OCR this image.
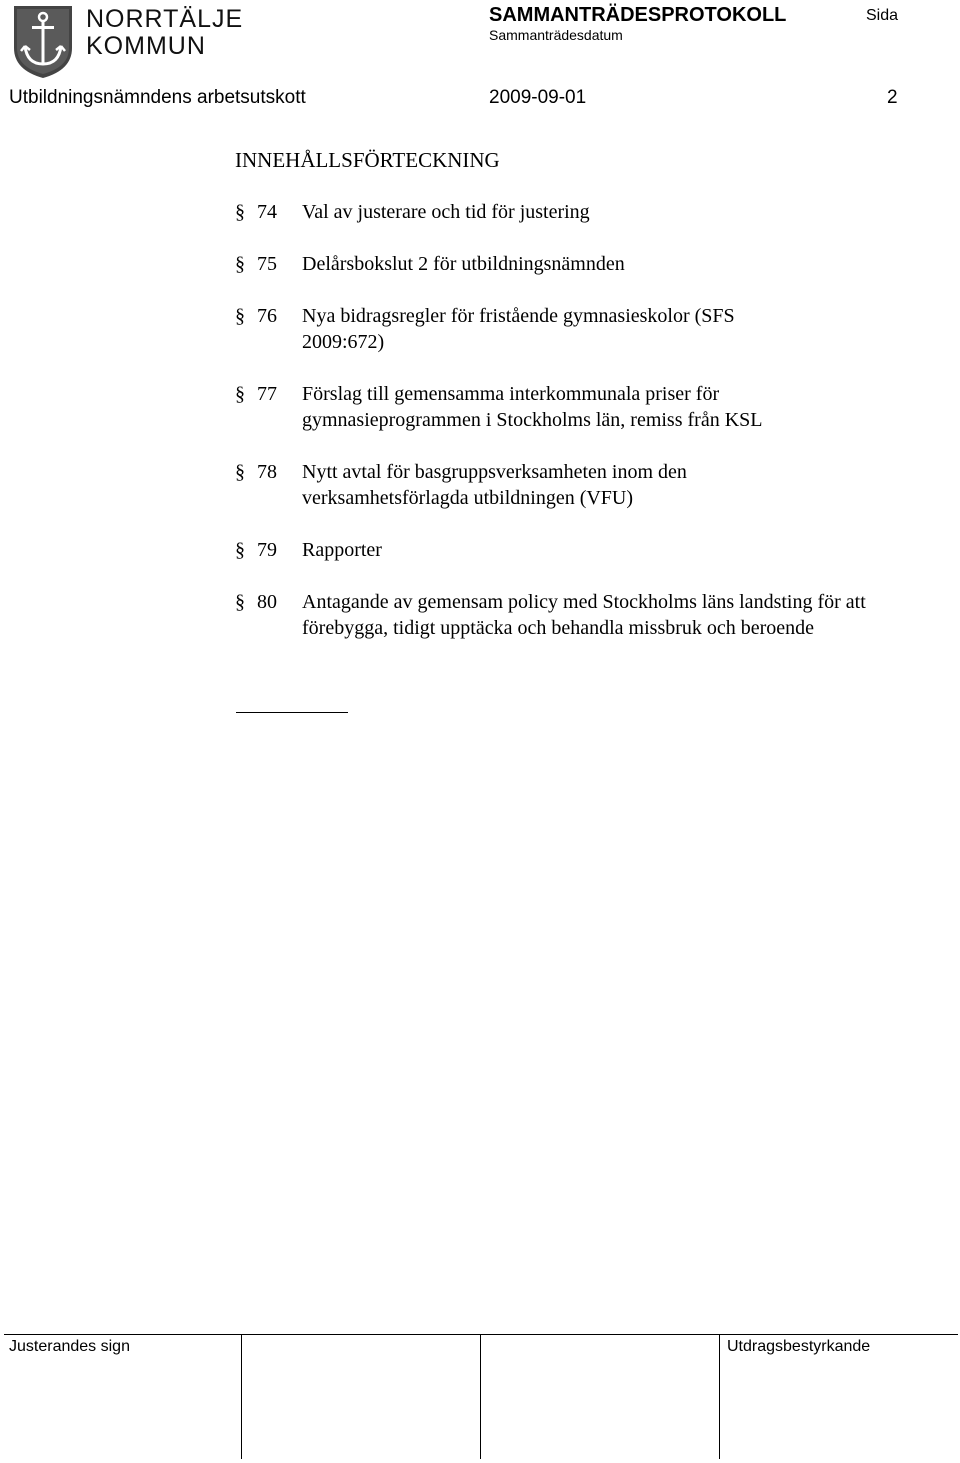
NORRTÄLJE
KOMMUN
SAMMANTRÄDESPROTOKOLL
Sammanträdesdatum
Sida
Utbildningsnämndens arbetsutskott	2009-09-01	2
INNEHÅLLSFÖRTECKNING
§ 74	Val av justerare och tid för justering
§ 75	Delårsbokslut 2 för utbildningsnämnden
§ 76	Nya bidragsregler för fristående gymnasieskolor (SFS 2009:672)
§ 77	Förslag till gemensamma interkommunala priser för gymnasieprogrammen i Stockholms län, remiss från KSL
§ 78	Nytt avtal för basgruppsverksamheten inom den verksamhetsförlagda utbildningen (VFU)
§ 79	Rapporter
§ 80	Antagande av gemensam policy med Stockholms läns landsting för att förebygga, tidigt upptäcka och behandla missbruk och beroende
Justerandes sign	Utdragsbestyrkande
